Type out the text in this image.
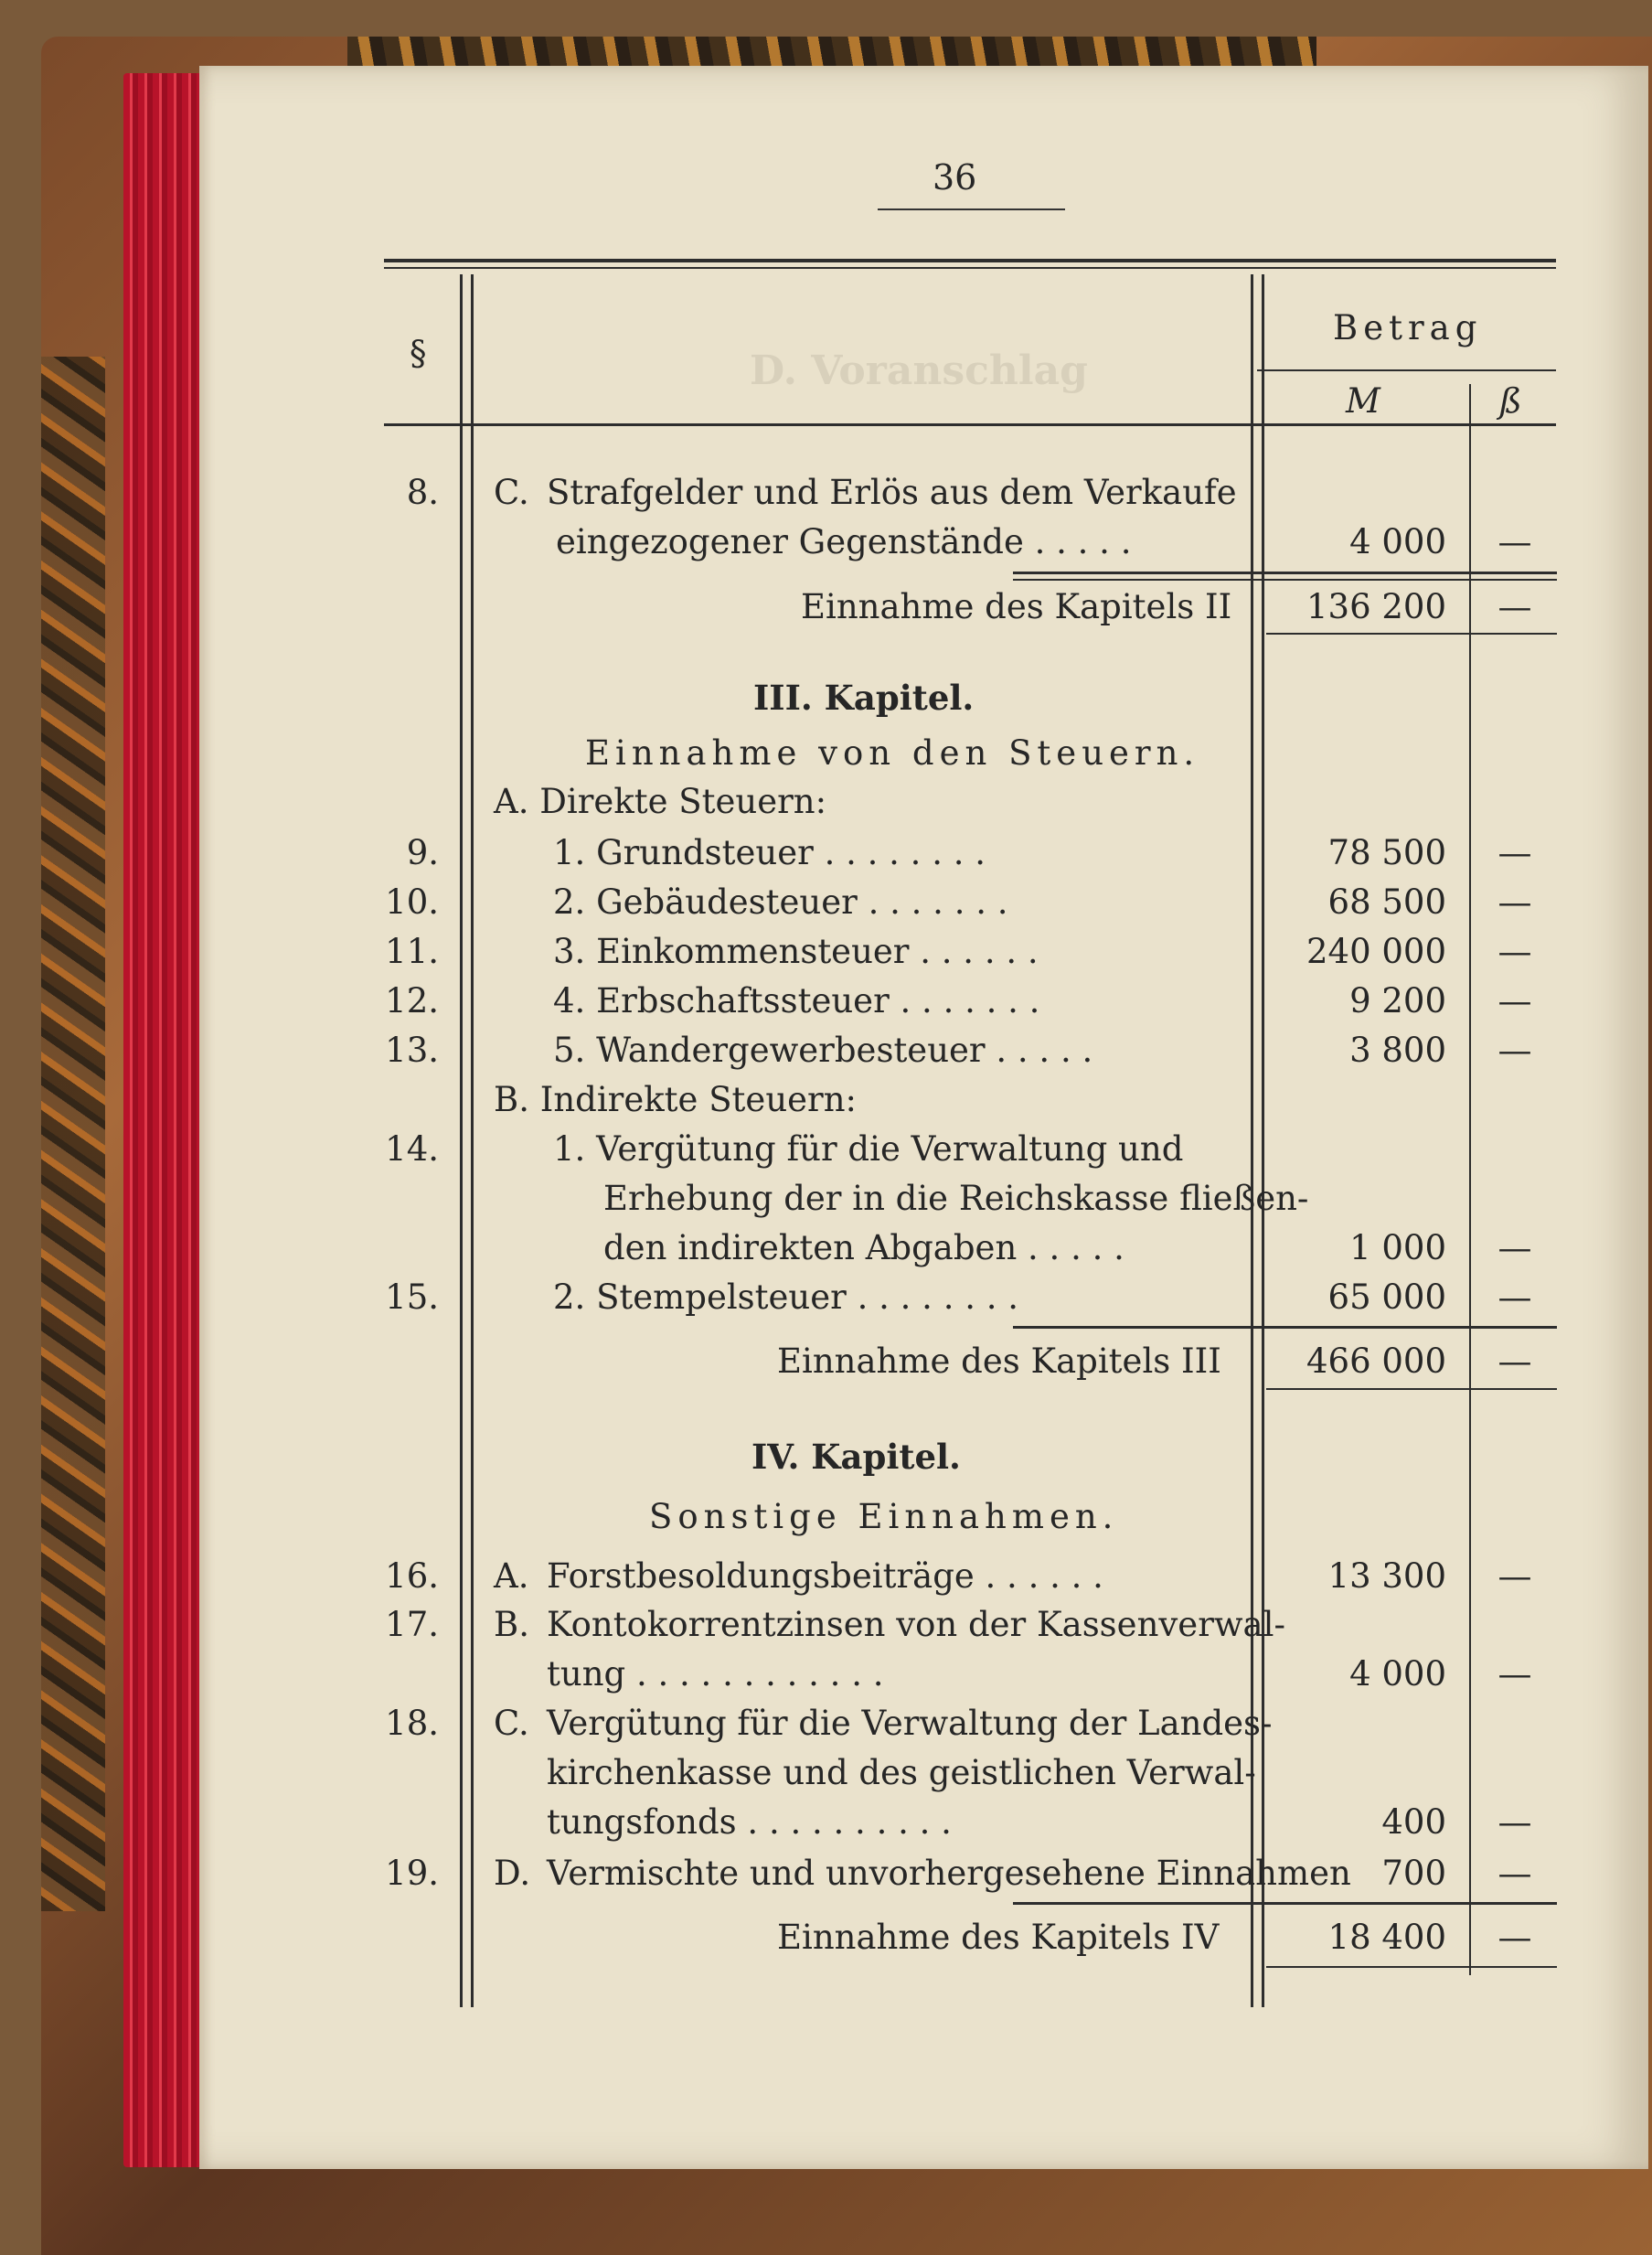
D. Voranschlag
36
§
Betrag
M	ß
8. C. Strafgelder und Erlös aus dem Verkaufe
eingezogener Gegenstände . . . . .	4 000	—
Einnahme des Kapitels II	136 200	—
III. Kapitel.
Einnahme von den Steuern.
A. Direkte Steuern:
9.	1. Grundsteuer . . . . . . . .	78 500	—
10.	2. Gebäudesteuer . . . . . . .	68 500	—
11.	3. Einkommensteuer . . . . . .	240 000	—
12.	4. Erbschaftssteuer . . . . . . .	9 200	—
13.	5. Wandergewerbesteuer . . . . .	3 800	—
B. Indirekte Steuern:
14.	1. Vergütung für die Verwaltung und
Erhebung der in die Reichskasse fließen-
den indirekten Abgaben . . . . .	1 000	—
15.	2. Stempelsteuer . . . . . . . .	65 000	—
Einnahme des Kapitels III	466 000	—
IV. Kapitel.
Sonstige Einnahmen.
16. A. Forstbesoldungsbeiträge . . . . . .	13 300	—
17. B. Kontokorrentzinsen von der Kassenverwal-
tung . . . . . . . . . . . .	4 000	—
18. C. Vergütung für die Verwaltung der Landes-
kirchenkasse und des geistlichen Verwal-
tungsfonds . . . . . . . . . .	400	—
19. D. Vermischte und unvorhergesehene Einnahmen 700	—
Einnahme des Kapitels IV	18 400	—
